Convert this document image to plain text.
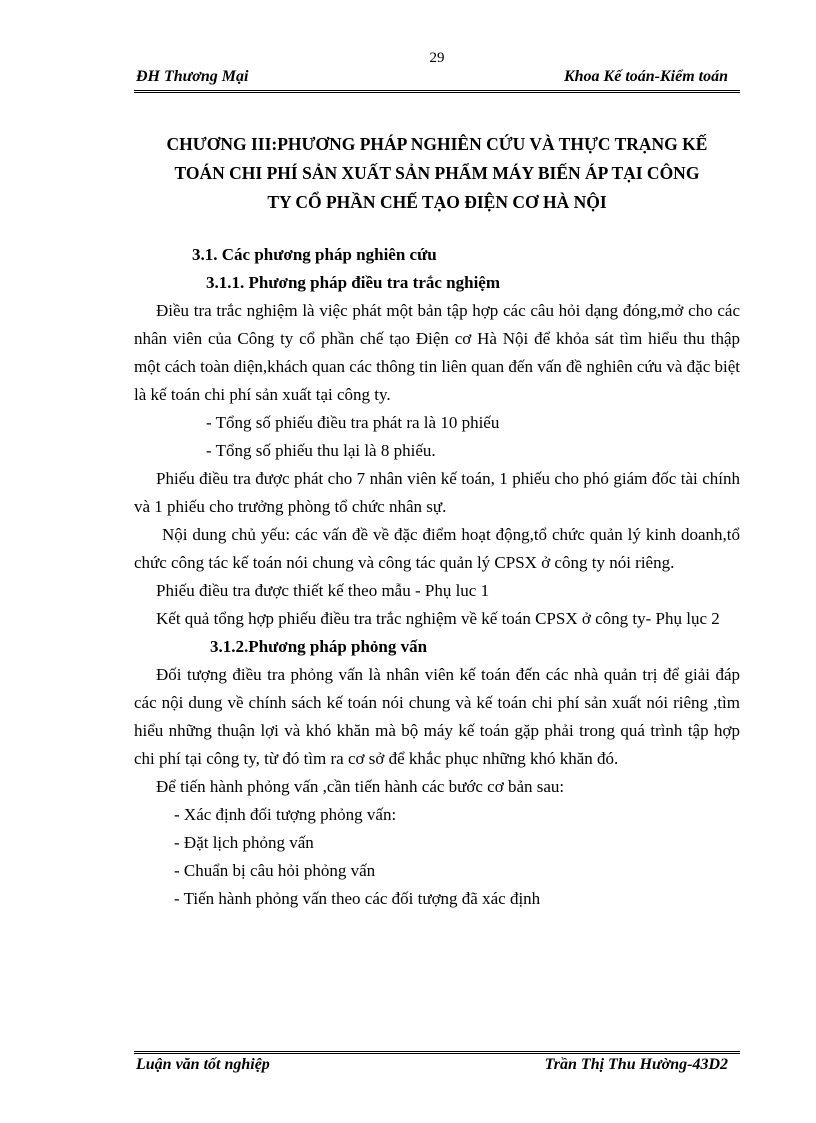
29
ĐH Thương Mại	Khoa Kế toán-Kiểm toán
CHƯƠNG III:PHƯƠNG PHÁP NGHIÊN CỨU VÀ THỰC TRẠNG KẾ
TOÁN CHI PHÍ SẢN XUẤT SẢN PHẨM MÁY BIẾN ÁP TẠI CÔNG
TY CỔ PHẦN CHẾ TẠO ĐIỆN CƠ HÀ NỘI
3.1. Các phương pháp nghiên cứu
3.1.1. Phương pháp điều tra trắc nghiệm

Điều tra trắc nghiệm là việc phát một bản tập hợp các câu hỏi dạng đóng,mở cho các nhân viên của Công ty cổ phần chế tạo Điện cơ Hà Nội để khỏa sát tìm hiểu thu thập một cách toàn diện,khách quan các thông tin liên quan đến vấn đề nghiên cứu và đặc biệt là kế toán chi phí sản xuất tại công ty.

- Tổng số phiếu điều tra phát ra là 10 phiếu
- Tổng số phiếu thu lại là 8 phiếu.

Phiếu điều tra được phát cho 7 nhân viên kế toán, 1 phiếu cho phó giám đốc tài chính và 1 phiếu cho trưởng phòng tổ chức nhân sự.

Nội dung chủ yếu: các vấn đề về đặc điểm hoạt động,tổ chức quản lý kinh doanh,tổ chức công tác kế toán nói chung và công tác quản lý CPSX ở công ty nói riêng.

Phiếu điều tra được thiết kế theo mẫu - Phụ luc 1

Kết quả tổng hợp phiếu điều tra trắc nghiệm về kế toán CPSX ở công ty- Phụ lục 2

3.1.2.Phương pháp phỏng vấn

Đối tượng điều tra phỏng vấn là nhân viên kế toán đến các nhà quản trị để giải đáp các nội dung về chính sách kế toán nói chung và kế toán chi phí sản xuất nói riêng ,tìm hiểu những thuận lợi và khó khăn mà bộ máy kế toán gặp phải trong quá trình tập hợp chi phí tại công ty, từ đó tìm ra cơ sở để khắc phục những khó khăn đó.

Để tiến hành phỏng vấn ,cần tiến hành các bước cơ bản sau:

- Xác định đối tượng phỏng vấn:
- Đặt lịch phỏng vấn
- Chuẩn bị câu hỏi phỏng vấn
- Tiến hành phỏng vấn theo các đối tượng đã xác định
Luận văn tốt nghiệp	Trần Thị Thu Hường-43D2
